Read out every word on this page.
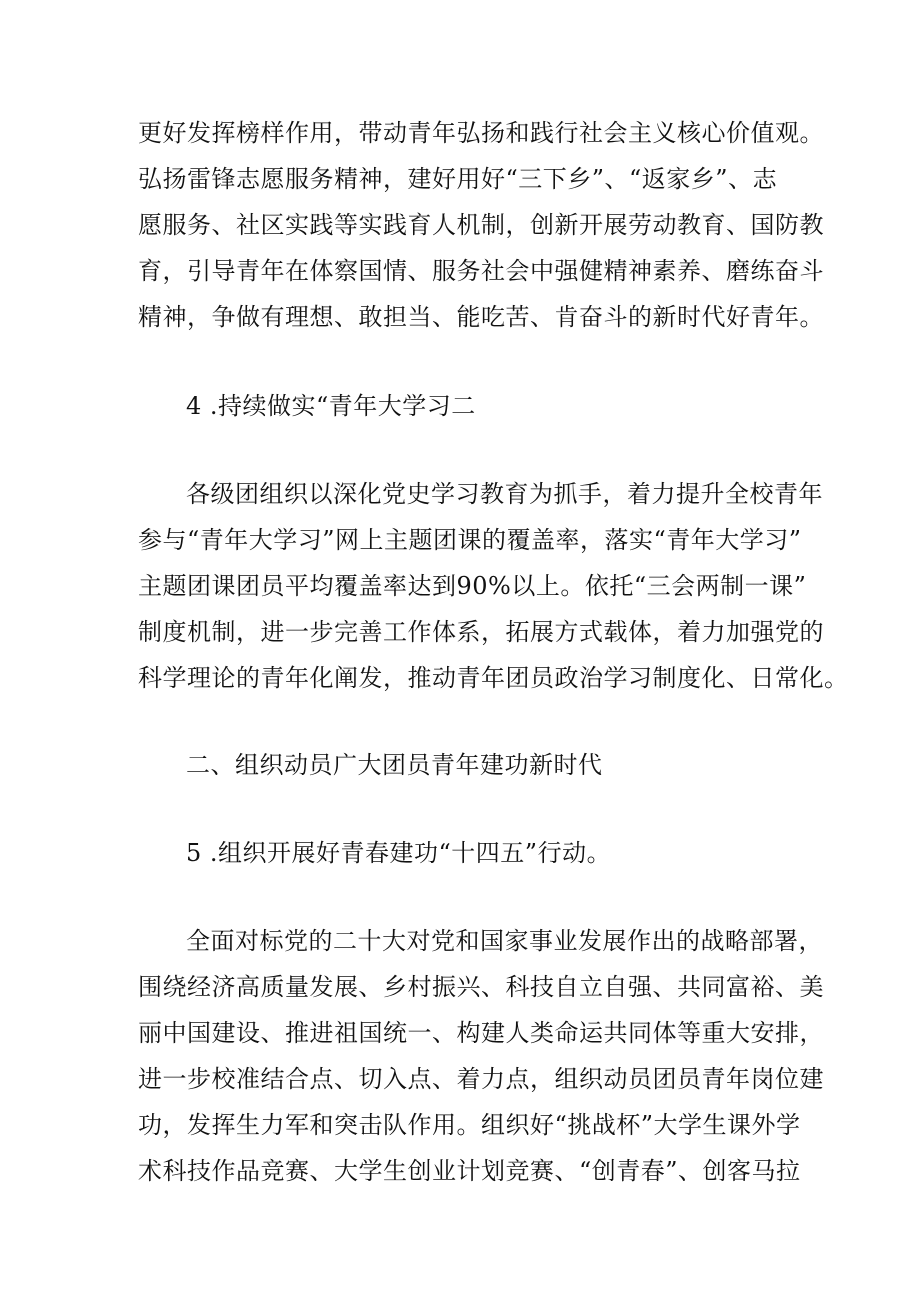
更好发挥榜样作用，带动青年弘扬和践行社会主义核心价值观。
弘扬雷锋志愿服务精神，建好用好“三下乡”、“返家乡”、志
愿服务、社区实践等实践育人机制，创新开展劳动教育、国防教
育，引导青年在体察国情、服务社会中强健精神素养、磨练奋斗
精神，争做有理想、敢担当、能吃苦、肯奋斗的新时代好青年。
4 .持续做实“青年大学习二
各级团组织以深化党史学习教育为抓手，着力提升全校青年
参与“青年大学习”网上主题团课的覆盖率，落实“青年大学习”
主题团课团员平均覆盖率达到90%以上。依托“三会两制一课”
制度机制，进一步完善工作体系，拓展方式载体，着力加强党的
科学理论的青年化阐发，推动青年团员政治学习制度化、日常化。
二、组织动员广大团员青年建功新时代
5 .组织开展好青春建功“十四五”行动。
全面对标党的二十大对党和国家事业发展作出的战略部署，
围绕经济高质量发展、乡村振兴、科技自立自强、共同富裕、美
丽中国建设、推进祖国统一、构建人类命运共同体等重大安排，
进一步校准结合点、切入点、着力点，组织动员团员青年岗位建
功，发挥生力军和突击队作用。组织好“挑战杯”大学生课外学
术科技作品竞赛、大学生创业计划竞赛、“创青春”、创客马拉
